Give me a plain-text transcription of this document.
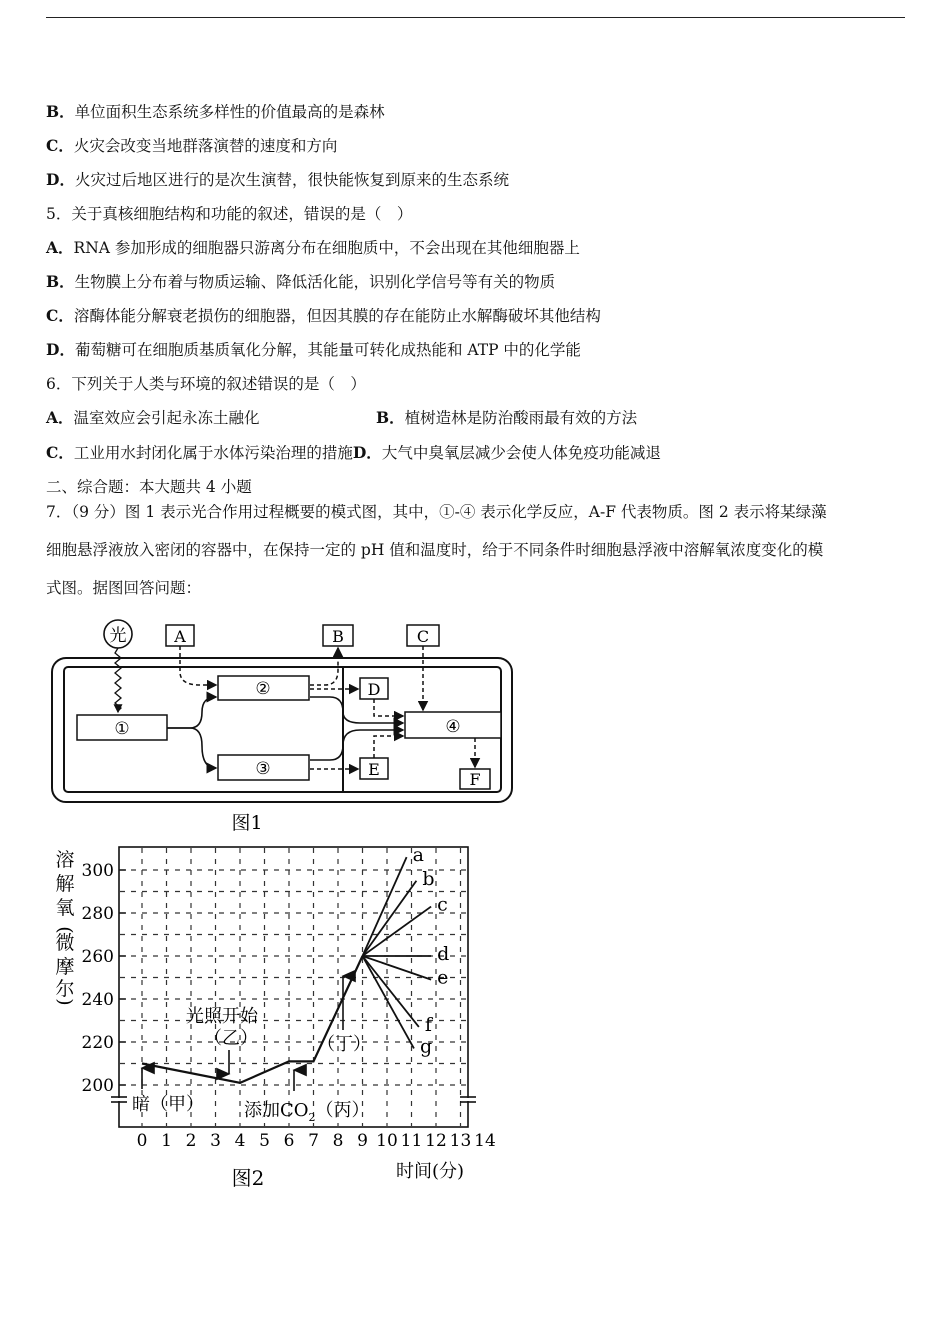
B．单位面积生态系统多样性的价值最高的是森林
C．火灾会改变当地群落演替的速度和方向
D．火灾过后地区进行的是次生演替，很快能恢复到原来的生态系统
5．关于真核细胞结构和功能的叙述，错误的是（　）
A．RNA 参加形成的细胞器只游离分布在细胞质中，不会出现在其他细胞器上
B．生物膜上分布着与物质运输、降低活化能，识别化学信号等有关的物质
C．溶酶体能分解衰老损伤的细胞器，但因其膜的存在能防止水解酶破坏其他结构
D．葡萄糖可在细胞质基质氧化分解，其能量可转化成热能和 ATP 中的化学能
6．下列关于人类与环境的叙述错误的是（　）
A．温室效应会引起永冻土融化	B．植树造林是防治酸雨最有效的方法
C．工业用水封闭化属于水体污染治理的措施D．大气中臭氧层减少会使人体免疫功能减退
二、综合题：本大题共 4 小题
7．（9 分）图 1 表示光合作用过程概要的模式图，其中，①-④ 表示化学反应，A-F 代表物质。图 2 表示将某绿藻
细胞悬浮液放入密闭的容器中，在保持一定的 pH 值和温度时，给于不同条件时细胞悬浮液中溶解氧浓度变化的模
式图。据图回答问题：
光	A	B	C
①
②
③
④
D
E
F
图1
200
220
240
260
280
300
0 1 2 3 4 5 6 7 8 9 10 11 12 13 14
a
b
c
d
e
f
g
溶
解
氧
(
微
摩
尔
)
时间(分)
图2
暗（甲）
光照开始
（乙）	（丁）
添加$CO_2$（丙）
